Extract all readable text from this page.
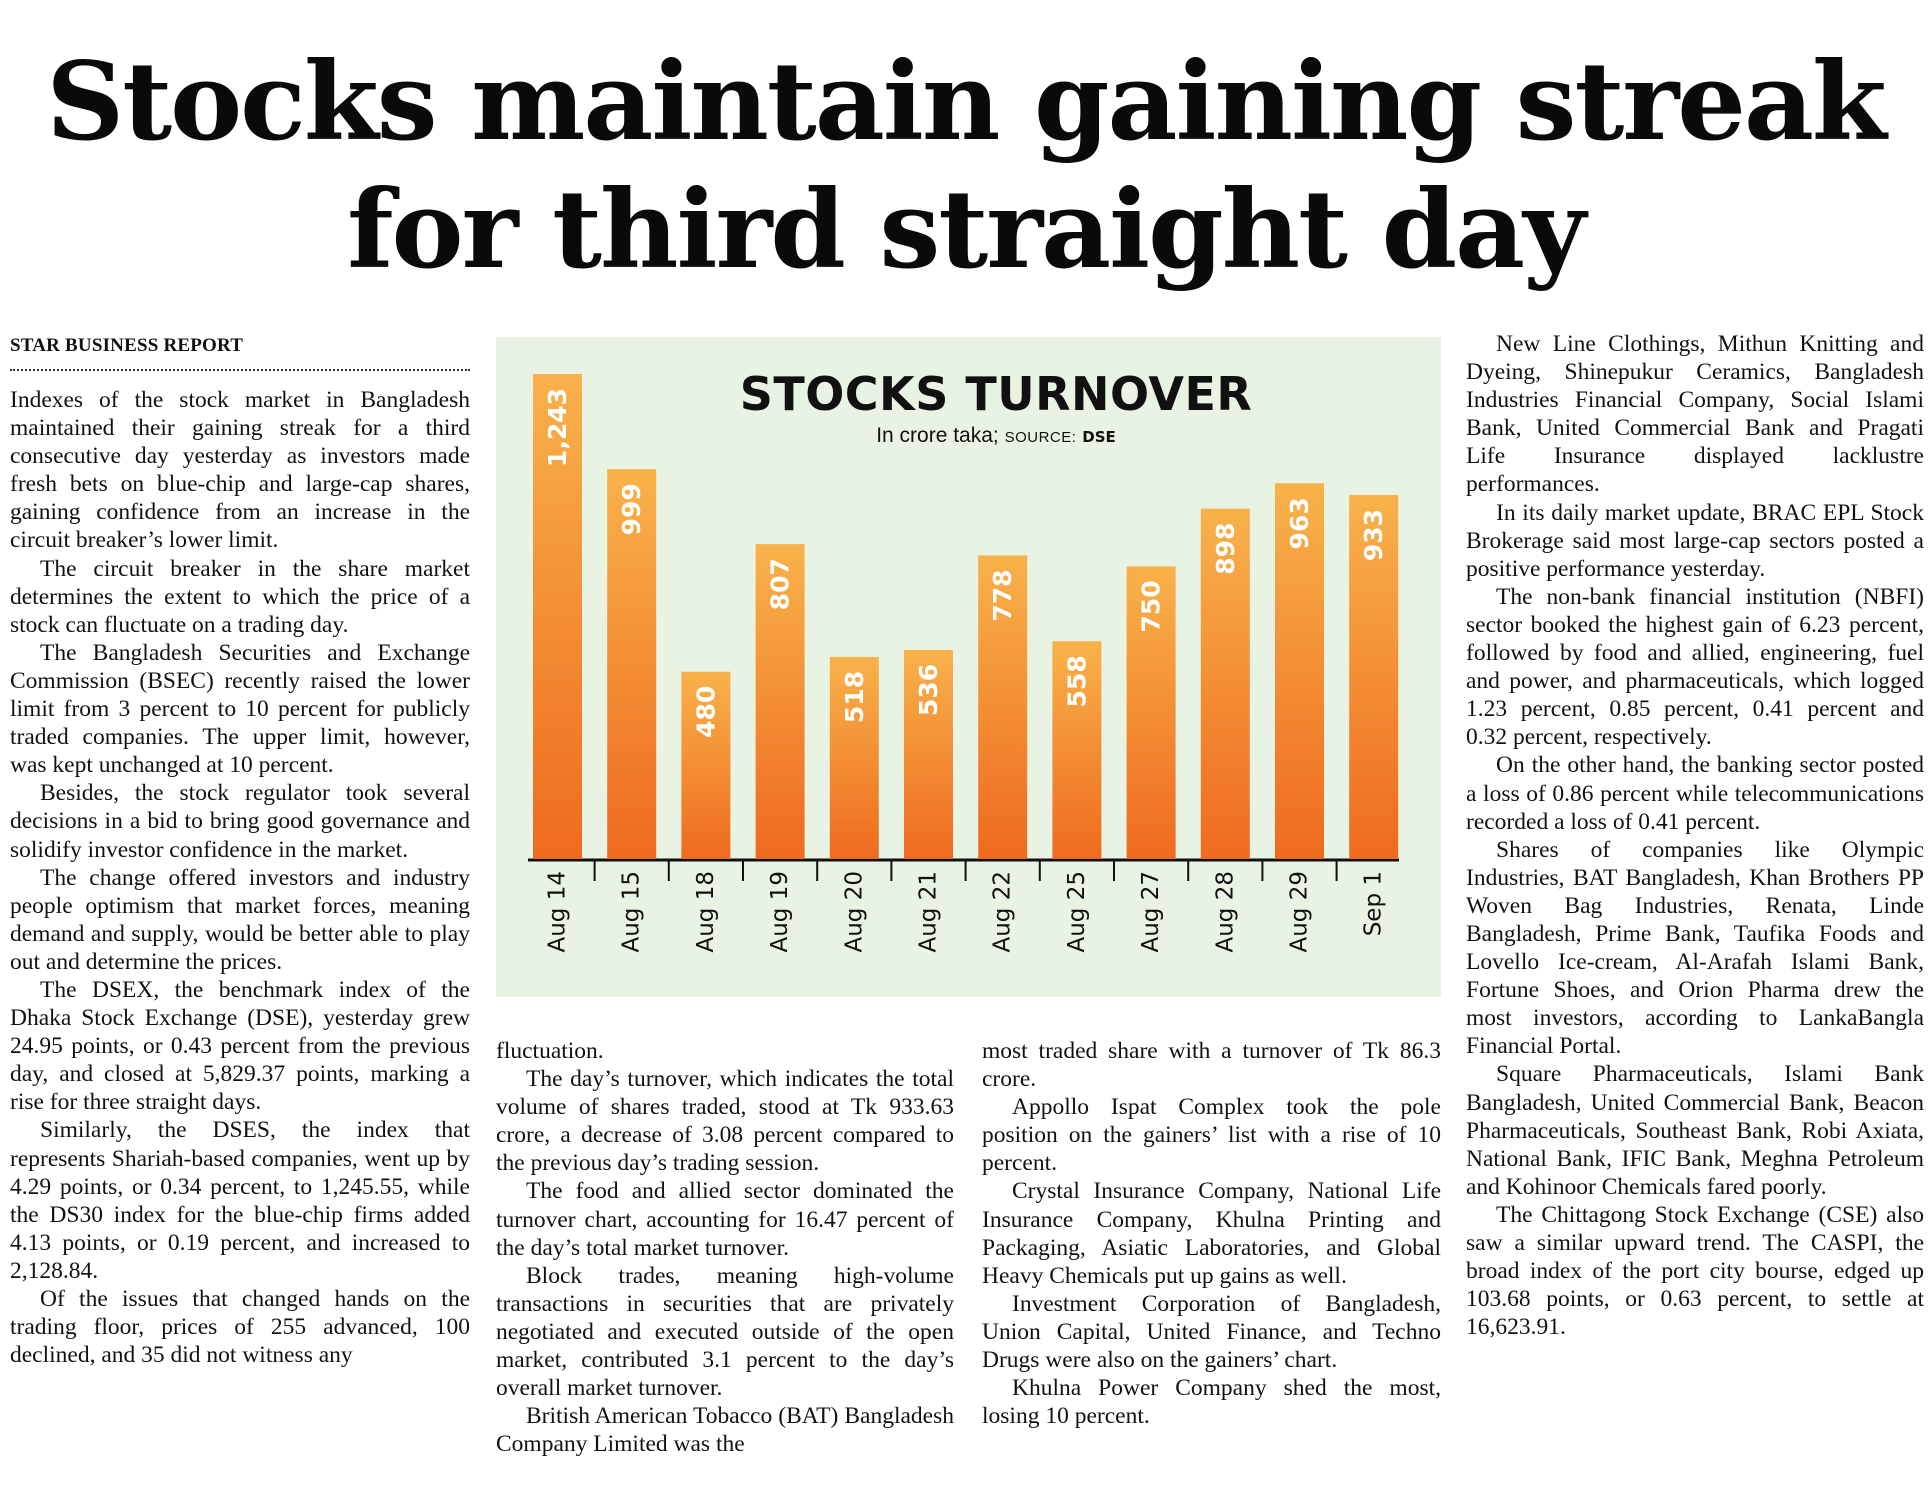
Stocks maintain gaining streak
for third straight day
STAR BUSINESS REPORT

Indexes of the stock market in Bangladesh maintained their gaining streak for a third consecutive day yesterday as investors made fresh bets on blue-chip and large-cap shares, gaining confidence from an increase in the circuit breaker’s lower limit.

The circuit breaker in the share market determines the extent to which the price of a stock can fluctuate on a trading day.

The Bangladesh Securities and Exchange Commission (BSEC) recently raised the lower limit from 3 percent to 10 percent for publicly traded companies. The upper limit, however, was kept unchanged at 10 percent.

Besides, the stock regulator took several decisions in a bid to bring good governance and solidify investor confidence in the market.

The change offered investors and industry people optimism that market forces, meaning demand and supply, would be better able to play out and determine the prices.

The DSEX, the benchmark index of the Dhaka Stock Exchange (DSE), yesterday grew 24.95 points, or 0.43 percent from the previous day, and closed at 5,829.37 points, marking a rise for three straight days.

Similarly, the DSES, the index that represents Shariah-based companies, went up by 4.29 points, or 0.34 percent, to 1,245.55, while the DS30 index for the blue-chip firms added 4.13 points, or 0.19 percent, and increased to 2,128.84.

Of the issues that changed hands on the trading floor, prices of 255 advanced, 100 declined, and 35 did not witness any

STOCKS TURNOVER
In crore taka; SOURCE: DSE
1,243
Aug 14
999
Aug 15
480
Aug 18
807
Aug 19
518
Aug 20
536
Aug 21
778
Aug 22
558
Aug 25
750
Aug 27
898
Aug 28
963
Aug 29
933
Sep 1

fluctuation.

The day’s turnover, which indicates the total volume of shares traded, stood at Tk 933.63 crore, a decrease of 3.08 percent compared to the previous day’s trading session.

The food and allied sector dominated the turnover chart, accounting for 16.47 percent of the day’s total market turnover.

Block trades, meaning high-volume transactions in securities that are privately negotiated and executed outside of the open market, contributed 3.1 percent to the day’s overall market turnover.

British American Tobacco (BAT) Bangladesh Company Limited was the

most traded share with a turnover of Tk 86.3 crore.

Appollo Ispat Complex took the pole position on the gainers’ list with a rise of 10 percent.

Crystal Insurance Company, National Life Insurance Company, Khulna Printing and Packaging, Asiatic Laboratories, and Global Heavy Chemicals put up gains as well.

Investment Corporation of Bangladesh, Union Capital, United Finance, and Techno Drugs were also on the gainers’ chart.

Khulna Power Company shed the most, losing 10 percent.

New Line Clothings, Mithun Knitting and Dyeing, Shinepukur Ceramics, Bangladesh Industries Financial Company, Social Islami Bank, United Commercial Bank and Pragati Life Insurance displayed lacklustre performances.

In its daily market update, BRAC EPL Stock Brokerage said most large-cap sectors posted a positive performance yesterday.

The non-bank financial institution (NBFI) sector booked the highest gain of 6.23 percent, followed by food and allied, engineering, fuel and power, and pharmaceuticals, which logged 1.23 percent, 0.85 percent, 0.41 percent and 0.32 percent, respectively.

On the other hand, the banking sector posted a loss of 0.86 percent while telecommunications recorded a loss of 0.41 percent.

Shares of companies like Olympic Industries, BAT Bangladesh, Khan Brothers PP Woven Bag Industries, Renata, Linde Bangladesh, Prime Bank, Taufika Foods and Lovello Ice-cream, Al-Arafah Islami Bank, Fortune Shoes, and Orion Pharma drew the most investors, according to LankaBangla Financial Portal.

Square Pharmaceuticals, Islami Bank Bangladesh, United Commercial Bank, Beacon Pharmaceuticals, Southeast Bank, Robi Axiata, National Bank, IFIC Bank, Meghna Petroleum and Kohinoor Chemicals fared poorly.

The Chittagong Stock Exchange (CSE) also saw a similar upward trend. The CASPI, the broad index of the port city bourse, edged up 103.68 points, or 0.63 percent, to settle at 16,623.91.
